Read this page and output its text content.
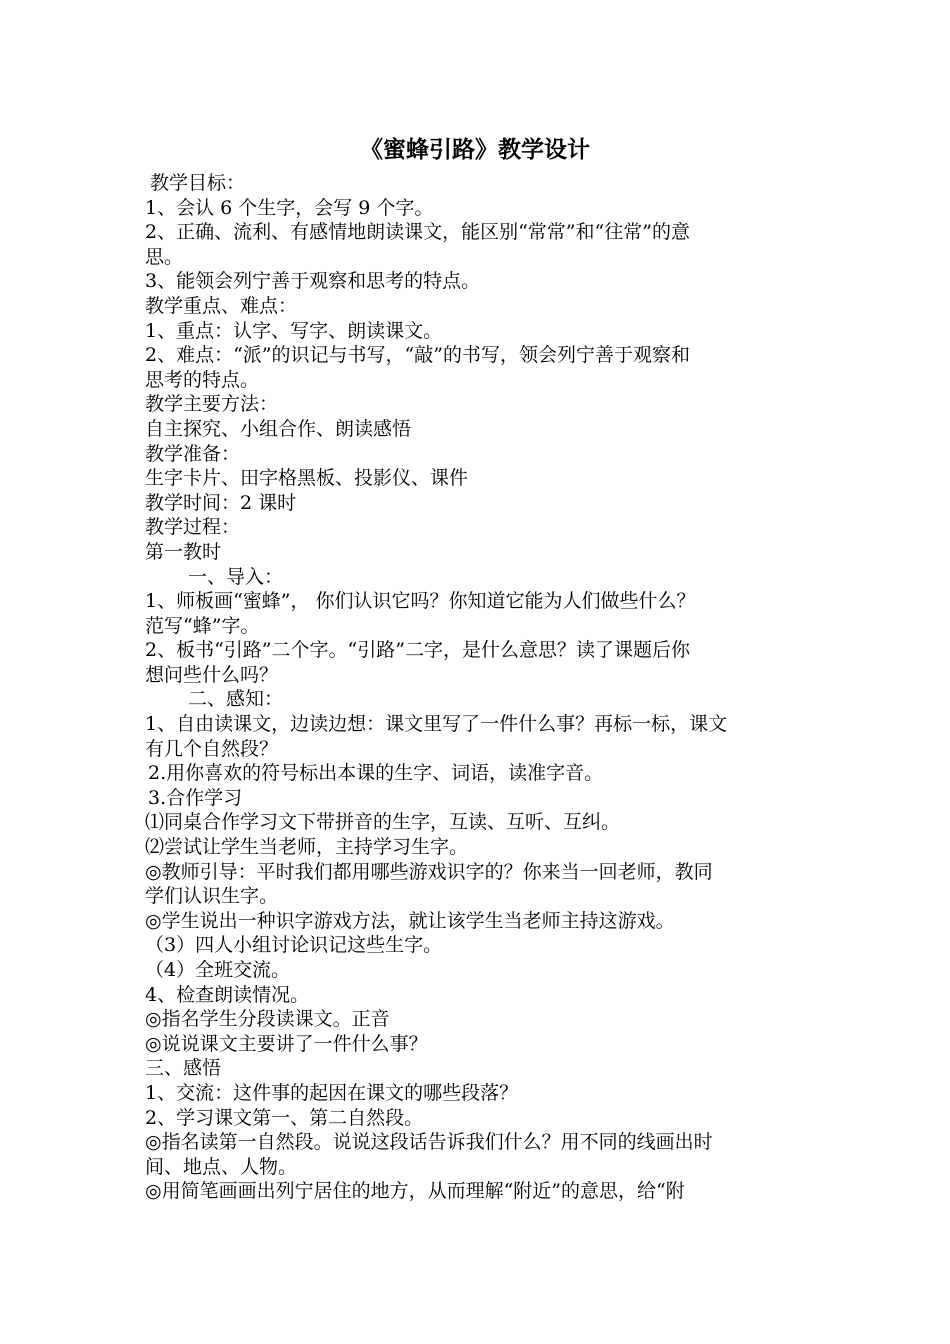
《蜜蜂引路》教学设计

教学目标：

1、会认 6 个生字，会写 9 个字。

2、正确、流利、有感情地朗读课文，能区别“常常”和“往常”的意

思。

3、能领会列宁善于观察和思考的特点。

教学重点、难点：

1、重点：认字、写字、朗读课文。

2、难点：“派”的识记与书写，“敲”的书写，领会列宁善于观察和

思考的特点。

教学主要方法：

自主探究、小组合作、朗读感悟

教学准备：

生字卡片、田字格黑板、投影仪、课件

教学时间：2 课时

教学过程：

第一教时

一、导入：

1、师板画“蜜蜂”， 你们认识它吗？你知道它能为人们做些什么？

范写“蜂”字。

2、板书“引路”二个字。“引路”二字，是什么意思？读了课题后你

想问些什么吗？

二、感知：

1、自由读课文，边读边想：课文里写了一件什么事？再标一标，课文

有几个自然段？

2.用你喜欢的符号标出本课的生字、词语，读准字音。

3.合作学习

⑴同桌合作学习文下带拼音的生字，互读、互听、互纠。

⑵尝试让学生当老师，主持学习生字。

◎教师引导：平时我们都用哪些游戏识字的？你来当一回老师，教同

学们认识生字。

◎学生说出一种识字游戏方法，就让该学生当老师主持这游戏。

（3）四人小组讨论识记这些生字。

（4）全班交流。

4、检查朗读情况。

◎指名学生分段读课文。正音

◎说说课文主要讲了一件什么事？

三、感悟

1、交流：这件事的起因在课文的哪些段落？

2、学习课文第一、第二自然段。

◎指名读第一自然段。说说这段话告诉我们什么？用不同的线画出时

间、地点、人物。

◎用简笔画画出列宁居住的地方，从而理解“附近”的意思，给“附
